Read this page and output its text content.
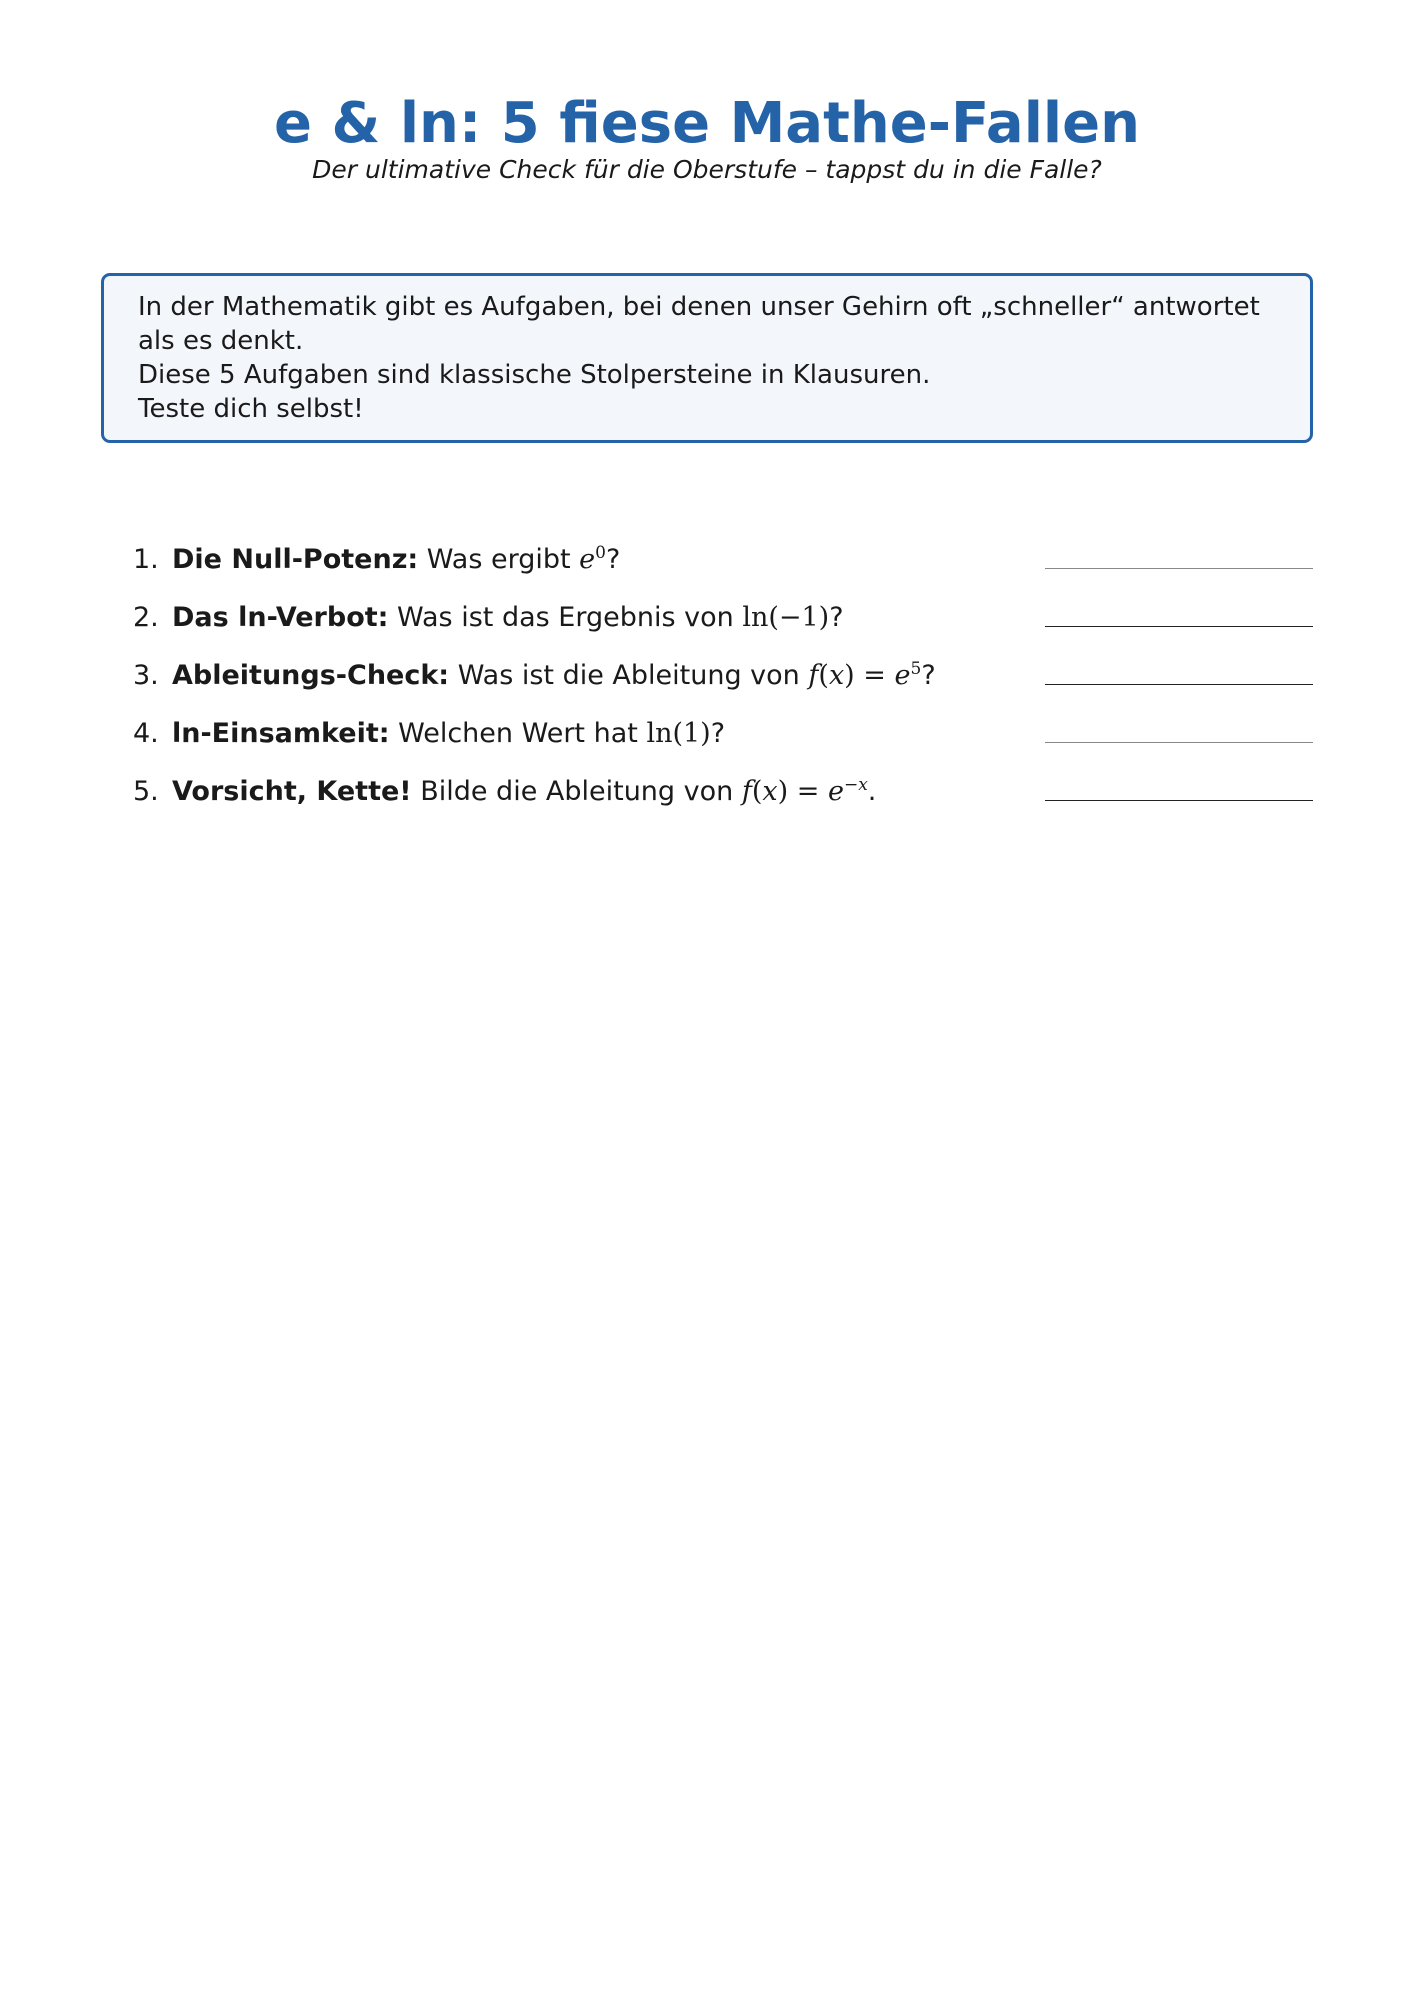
e & ln: 5 fiese Mathe-Fallen
Der ultimative Check für die Oberstufe – tappst du in die Falle?
In der Mathematik gibt es Aufgaben, bei denen unser Gehirn oft „schneller“ antwortet
als es denkt.
Diese 5 Aufgaben sind klassische Stolpersteine in Klausuren.
Teste dich selbst!
1. Die Null-Potenz: Was ergibt $e^0$?
2. Das ln-Verbot: Was ist das Ergebnis von ln(−1)?
3. Ableitungs-Check: Was ist die Ableitung von $f(x) = e^5$?
4. ln-Einsamkeit: Welchen Wert hat ln(1)?
5. Vorsicht, Kette! Bilde die Ableitung von $f(x) = e^{-x}$.
